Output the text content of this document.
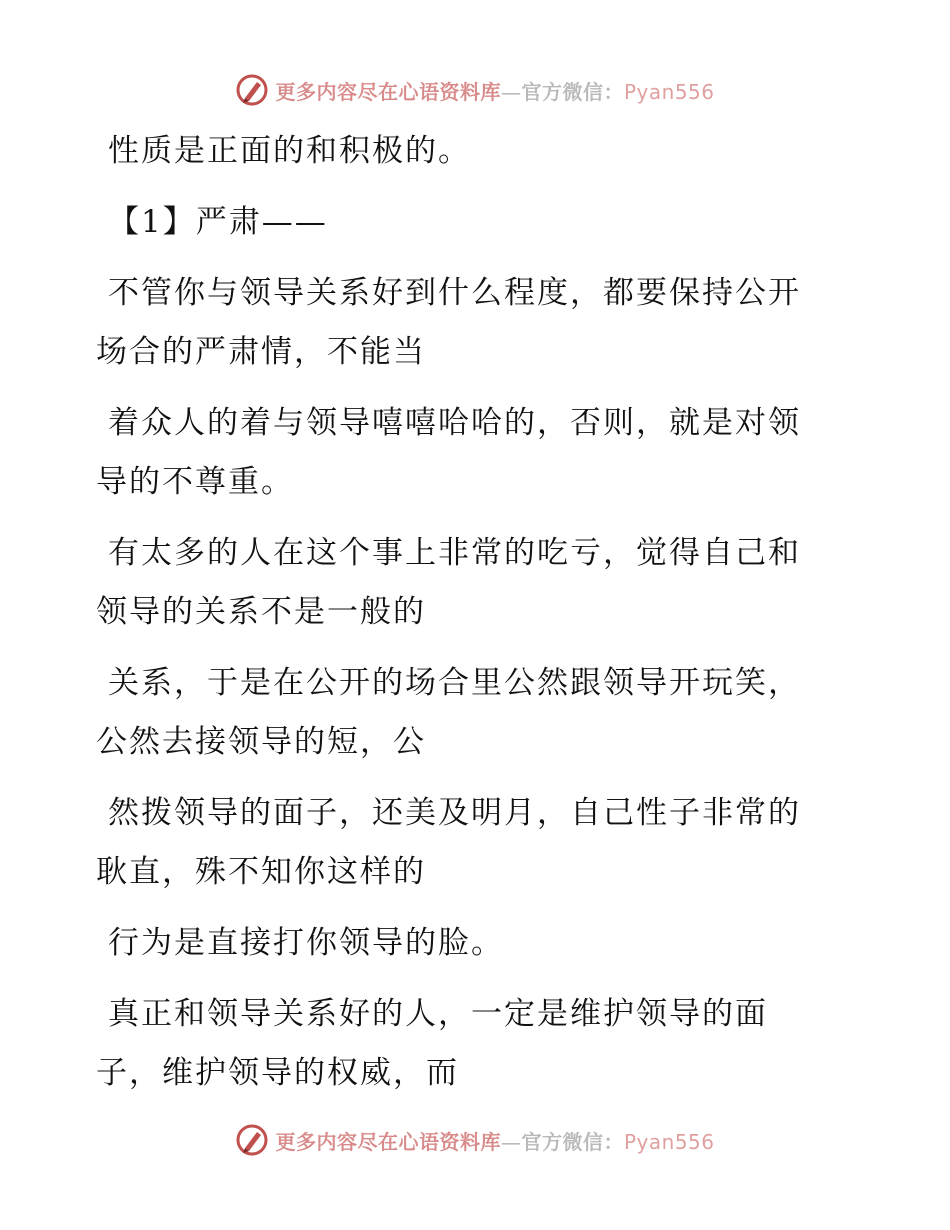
更多内容尽在心语资料库—官方微信：Pyan556
性质是正面的和积极的。
【1】严肃——
不管你与领导关系好到什么程度，都要保持公开
场合的严肃情，不能当
着众人的着与领导嘻嘻哈哈的，否则，就是对领
导的不尊重。
有太多的人在这个事上非常的吃亏，觉得自己和
领导的关系不是一般的
关系，于是在公开的场合里公然跟领导开玩笑，
公然去接领导的短，公
然拨领导的面子，还美及明月，自己性子非常的
耿直，殊不知你这样的
行为是直接打你领导的脸。
真正和领导关系好的人，一定是维护领导的面
子，维护领导的权威，而
更多内容尽在心语资料库—官方微信：Pyan556
